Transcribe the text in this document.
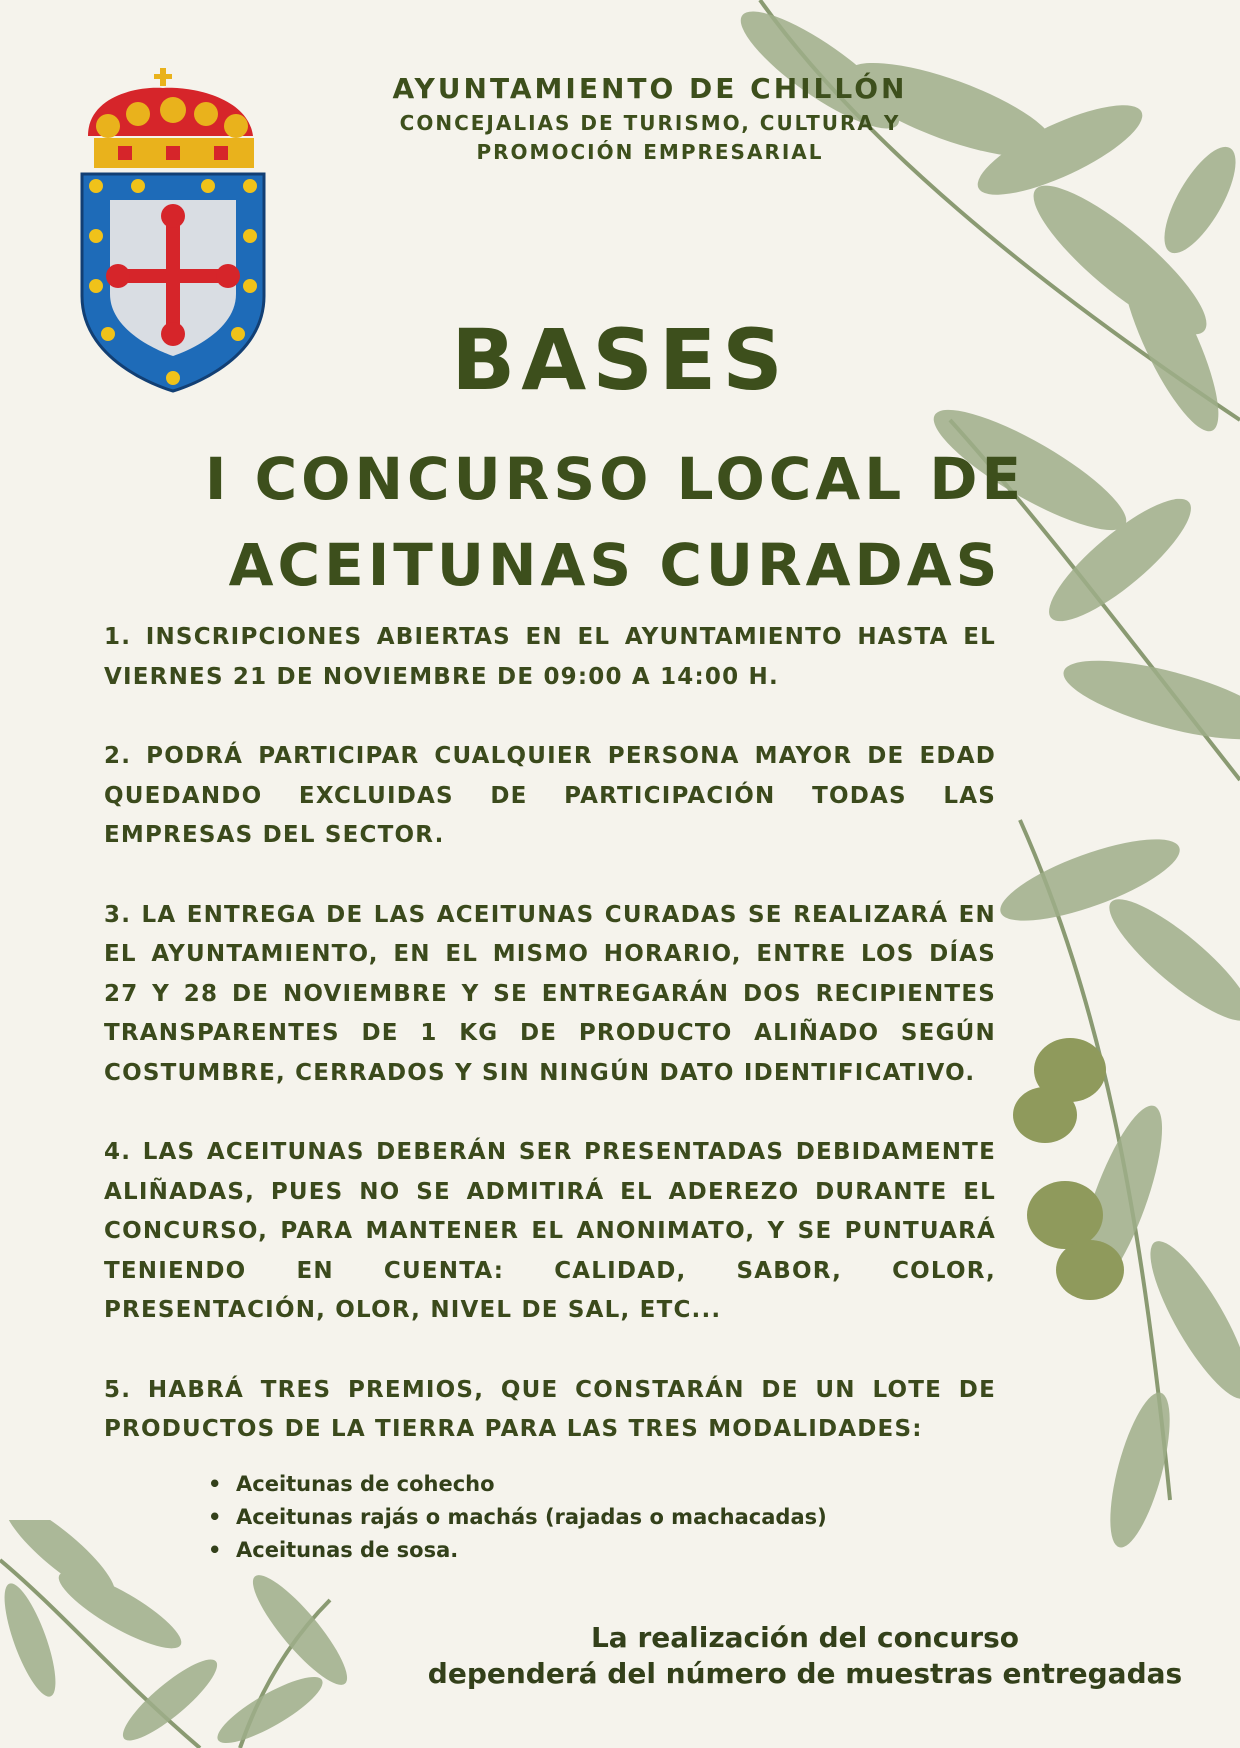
AYUNTAMIENTO DE CHILLÓN
CONCEJALIAS DE TURISMO, CULTURA Y
PROMOCIÓN EMPRESARIAL
BASES
I CONCURSO LOCAL DE
ACEITUNAS CURADAS

1. INSCRIPCIONES ABIERTAS EN EL AYUNTAMIENTO HASTA EL VIERNES 21 DE NOVIEMBRE DE 09:00 A 14:00 H.

2. PODRÁ PARTICIPAR CUALQUIER PERSONA MAYOR DE EDAD QUEDANDO EXCLUIDAS DE PARTICIPACIÓN TODAS LAS EMPRESAS DEL SECTOR.

3. LA ENTREGA DE LAS ACEITUNAS CURADAS SE REALIZARÁ EN EL AYUNTAMIENTO, EN EL MISMO HORARIO, ENTRE LOS DÍAS 27 Y 28 DE NOVIEMBRE Y SE ENTREGARÁN DOS RECIPIENTES TRANSPARENTES DE 1 KG DE PRODUCTO ALIÑADO SEGÚN COSTUMBRE, CERRADOS Y SIN NINGÚN DATO IDENTIFICATIVO.

4. LAS ACEITUNAS DEBERÁN SER PRESENTADAS DEBIDAMENTE ALIÑADAS, PUES NO SE ADMITIRÁ EL ADEREZO DURANTE EL CONCURSO, PARA MANTENER EL ANONIMATO, Y SE PUNTUARÁ TENIENDO EN CUENTA: CALIDAD, SABOR, COLOR, PRESENTACIÓN, OLOR, NIVEL DE SAL, ETC...

5. HABRÁ TRES PREMIOS, QUE CONSTARÁN DE UN LOTE DE PRODUCTOS DE LA TIERRA PARA LAS TRES MODALIDADES:

• Aceitunas de cohecho
• Aceitunas rajás o machás (rajadas o machacadas)
• Aceitunas de sosa.
La realización del concurso
dependerá del número de muestras entregadas
